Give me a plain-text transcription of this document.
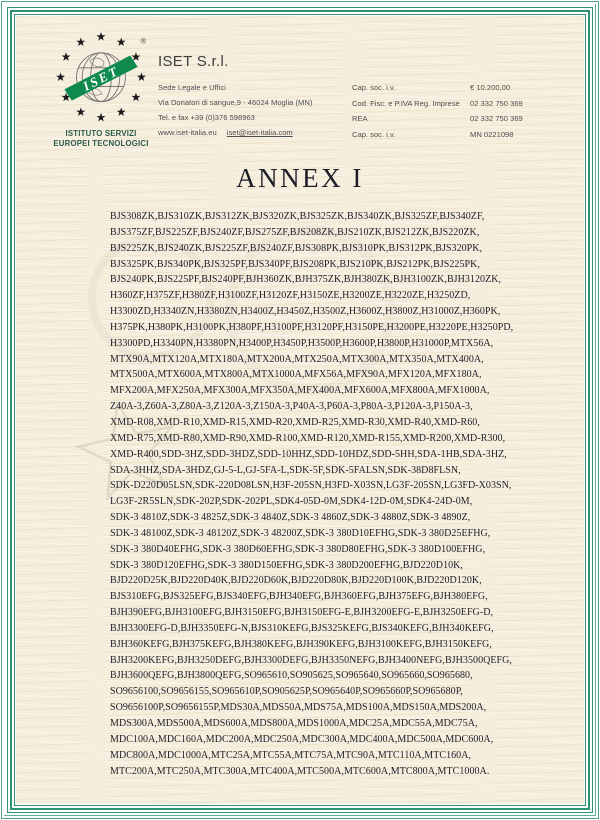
ISET
®
ISTITUTO SERVIZI
EUROPEI TECNOLOGICI
ISET S.r.l.
Sede Legale e Uffici
Via Donatori di sangue,9 - 46024 Moglia (MN)
Tel. e fax +39 (0)376 598963
www.iset-italia.eu iset@iset-italia.com
Cap. soc. i.v.	€ 10.200,00
Cod. Fisc. e P.IVA Reg. Imprese	02 332 750 369
REA	02 332 750 369
Cap. soc. i.v.	MN 0221098
ANNEX I
BJS308ZK,BJS310ZK,BJS312ZK,BJS320ZK,BJS325ZK,BJS340ZK,BJS325ZF,BJS340ZF,
BJS375ZF,BJS225ZF,BJS240ZF,BJS275ZF,BJS208ZK,BJS210ZK,BJS212ZK,BJS220ZK,
BJS225ZK,BJS240ZK,BJS225ZF,BJS240ZF,BJS308PK,BJS310PK,BJS312PK,BJS320PK,
BJS325PK,BJS340PK,BJS325PF,BJS340PF,BJS208PK,BJS210PK,BJS212PK,BJS225PK,
BJS240PK,BJS225PF,BJS240PF,BJH360ZK,BJH375ZK,BJH380ZK,BJH3100ZK,BJH3120ZK,
H360ZF,H375ZF,H380ZF,H3100ZF,H3120ZF,H3150ZE,H3200ZE,H3220ZE,H3250ZD,
H3300ZD,H3340ZN,H3380ZN,H3400Z,H3450Z,H3500Z,H3600Z,H3800Z,H31000Z,H360PK,
H375PK,H380PK,H3100PK,H380PF,H3100PF,H3120PF,H3150PE,H3200PE,H3220PE,H3250PD,
H3300PD,H3340PN,H3380PN,H3400P,H3450P,H3500P,H3600P,H3800P,H31000P,MTX56A,
MTX90A,MTX120A,MTX180A,MTX200A,MTX250A,MTX300A,MTX350A,MTX400A,
MTX500A,MTX600A,MTX800A,MTX1000A,MFX56A,MFX90A,MFX120A,MFX180A,
MFX200A,MFX250A,MFX300A,MFX350A,MFX400A,MFX600A,MFX800A,MFX1000A,
Z40A-3,Z60A-3,Z80A-3,Z120A-3,Z150A-3,P40A-3,P60A-3,P80A-3,P120A-3,P150A-3,
XMD-R08,XMD-R10,XMD-R15,XMD-R20,XMD-R25,XMD-R30,XMD-R40,XMD-R60,
XMD-R75,XMD-R80,XMD-R90,XMD-R100,XMD-R120,XMD-R155,XMD-R200,XMD-R300,
XMD-R400,SDD-3HZ,SDD-3HDZ,SDD-10HHZ,SDD-10HDZ,SDD-5HH,SDA-1HB,SDA-3HZ,
SDA-3HHZ,SDA-3HDZ,GJ-5-L,GJ-5FA-L,SDK-5F,SDK-5FALSN,SDK-38D8FLSN,
SDK-D220D05LSN,SDK-220D08LSN,H3F-205SN,H3FD-X03SN,LG3F-205SN,LG3FD-X03SN,
LG3F-2R5SLN,SDK-202P,SDK-202PL,SDK4-05D-0M,SDK4-12D-0M,SDK4-24D-0M,
SDK-3 4810Z,SDK-3 4825Z,SDK-3 4840Z,SDK-3 4860Z,SDK-3 4880Z,SDK-3 4890Z,
SDK-3 48100Z,SDK-3 48120Z,SDK-3 48200Z,SDK-3 380D10EFHG,SDK-3 380D25EFHG,
SDK-3 380D40EFHG,SDK-3 380D60EFHG,SDK-3 380D80EFHG,SDK-3 380D100EFHG,
SDK-3 380D120EFHG,SDK-3 380D150EFHG,SDK-3 380D200EFHG,BJD220D10K,
BJD220D25K,BJD220D40K,BJD220D60K,BJD220D80K,BJD220D100K,BJD220D120K,
BJS310EFG,BJS325EFG,BJS340EFG,BJH340EFG,BJH360EFG,BJH375EFG,BJH380EFG,
BJH390EFG,BJH3100EFG,BJH3150EFG,BJH3150EFG-E,BJH3200EFG-E,BJH3250EFG-D,
BJH3300EFG-D,BJH3350EFG-N,BJS310KEFG,BJS325KEFG,BJS340KEFG,BJH340KEFG,
BJH360KEFG,BJH375KEFG,BJH380KEFG,BJH390KEFG,BJH3100KEFG,BJH3150KEFG,
BJH3200KEFG,BJH3250DEFG,BJH3300DEFG,BJH3350NEFG,BJH3400NEFG,BJH3500QEFG,
BJH3600QEFG,BJH3800QEFG,SO965610,SO905625,SO965640,SO965660,SO965680,
SO9656100,SO9656155,SO965610P,SO905625P,SO965640P,SO965660P,SO965680P,
SO9656100P,SO9656155P,MDS30A,MDS50A,MDS75A,MDS100A,MDS150A,MDS200A,
MDS300A,MDS500A,MDS600A,MDS800A,MDS1000A,MDC25A,MDC55A,MDC75A,
MDC100A,MDC160A,MDC200A,MDC250A,MDC300A,MDC400A,MDC500A,MDC600A,
MDC800A,MDC1000A,MTC25A,MTC55A,MTC75A,MTC90A,MTC110A,MTC160A,
MTC200A,MTC250A,MTC300A,MTC400A,MTC500A,MTC600A,MTC800A,MTC1000A.
